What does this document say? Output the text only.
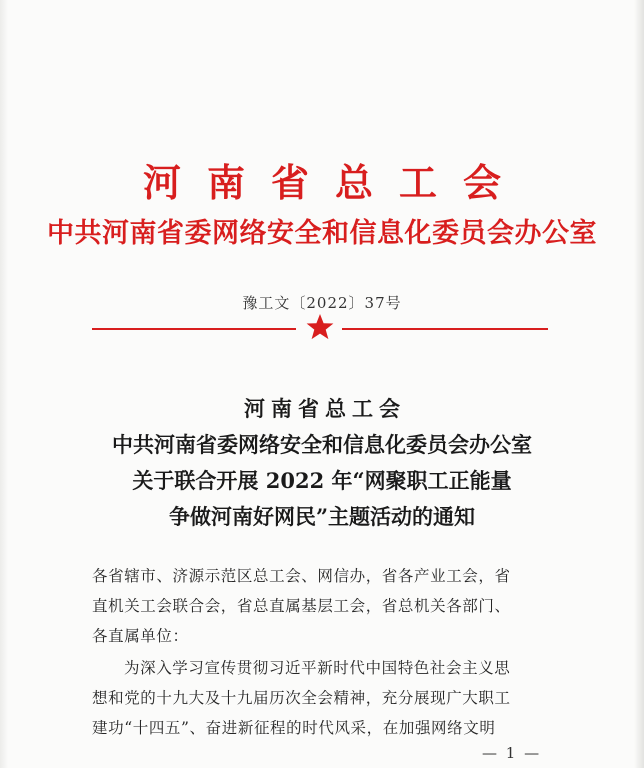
河南省总工会
中共河南省委网络安全和信息化委员会办公室
豫工文〔2022〕37号
河南省总工会
中共河南省委网络安全和信息化委员会办公室
关于联合开展 2022 年“网聚职工正能量
争做河南好网民”主题活动的通知
各省辖市、济源示范区总工会、网信办，省各产业工会，省
直机关工会联合会，省总直属基层工会，省总机关各部门、
各直属单位：
为深入学习宣传贯彻习近平新时代中国特色社会主义思
想和党的十九大及十九届历次全会精神，充分展现广大职工
建功“十四五”、奋进新征程的时代风采，在加强网络文明
— 1 —
